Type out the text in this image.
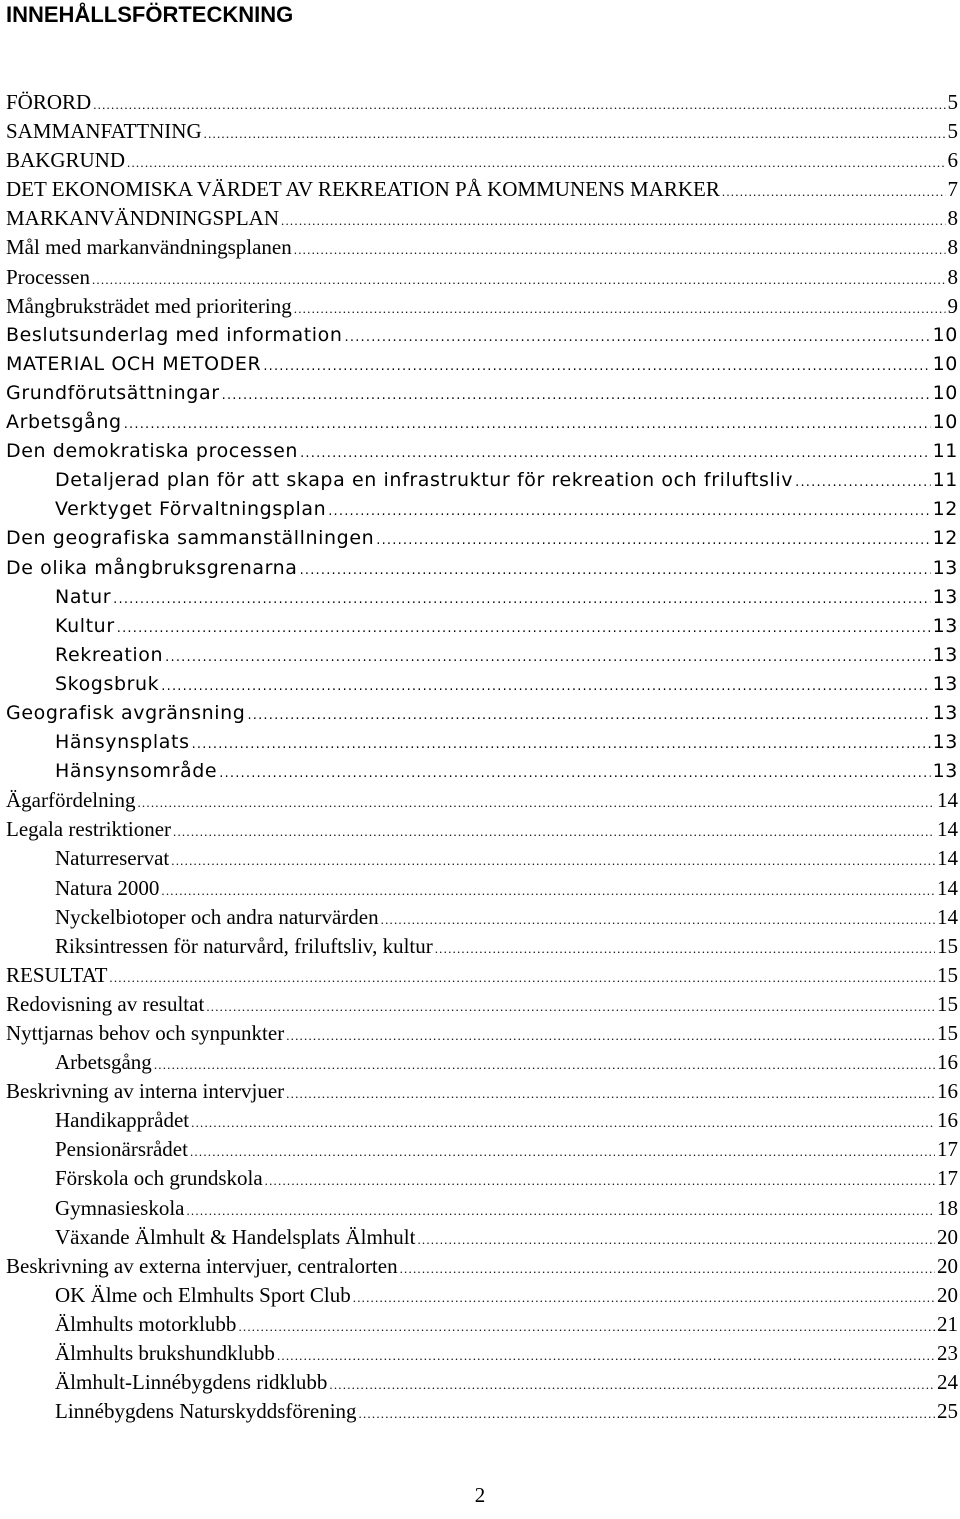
INNEHÅLLSFÖRTECKNING
FÖRORD .....	5
SAMMANFATTNING .....	5
BAKGRUND .....	6
DET EKONOMISKA VÄRDET AV REKREATION PÅ KOMMUNENS MARKER .....	7
MARKANVÄNDNINGSPLAN .....	8
Mål med markanvändningsplanen .....	8
Processen .....	8
Mångbruksträdet med prioritering .....	9
Beslutsunderlag med information .....	10
MATERIAL OCH METODER .....	10
Grundförutsättningar .....	10
Arbetsgång .....	10
Den demokratiska processen .....	11
Detaljerad plan för att skapa en infrastruktur för rekreation och friluftsliv .....	11
Verktyget Förvaltningsplan .....	12
Den geografiska sammanställningen .....	12
De olika mångbruksgrenarna .....	13
Natur .....	13
Kultur .....	13
Rekreation .....	13
Skogsbruk .....	13
Geografisk avgränsning .....	13
Hänsynsplats .....	13
Hänsynsområde .....	13
Ägarfördelning .....	14
Legala restriktioner .....	14
Naturreservat .....	14
Natura 2000 .....	14
Nyckelbiotoper och andra naturvärden .....	14
Riksintressen för naturvård, friluftsliv, kultur .....	15
RESULTAT .....	15
Redovisning av resultat .....	15
Nyttjarnas behov och synpunkter .....	15
Arbetsgång .....	16
Beskrivning av interna intervjuer .....	16
Handikapprådet .....	16
Pensionärsrådet .....	17
Förskola och grundskola .....	17
Gymnasieskola .....	18
Växande Älmhult & Handelsplats Älmhult .....	20
Beskrivning av externa intervjuer, centralorten .....	20
OK Älme och Elmhults Sport Club .....	20
Älmhults motorklubb .....	21
Älmhults brukshundklubb .....	23
Älmhult-Linnébygdens ridklubb .....	24
Linnébygdens Naturskyddsförening .....	25
2
